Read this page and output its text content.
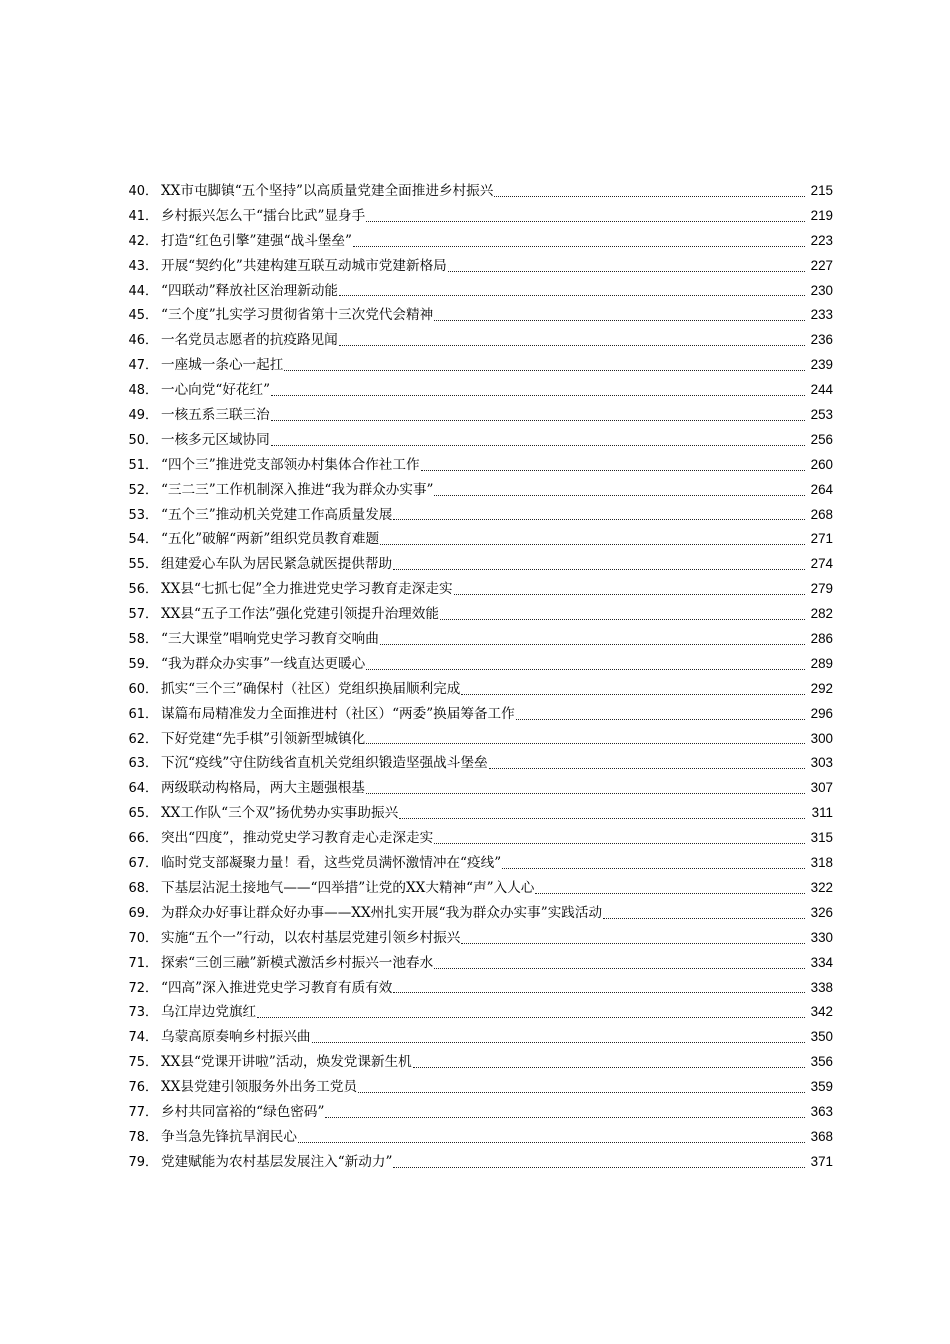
40． XX市屯脚镇“五个坚持”以高质量党建全面推进乡村振兴	215
41． 乡村振兴怎么干“擂台比武”显身手	219
42． 打造“红色引擎”建强“战斗堡垒”	223
43． 开展“契约化”共建构建互联互动城市党建新格局	227
44． “四联动”释放社区治理新动能	230
45． “三个度”扎实学习贯彻省第十三次党代会精神	233
46． 一名党员志愿者的抗疫路见闻	236
47． 一座城一条心一起扛	239
48． 一心向党“好花红”	244
49． 一核五系三联三治	253
50． 一核多元区域协同	256
51． “四个三”推进党支部领办村集体合作社工作	260
52． “三二三”工作机制深入推进“我为群众办实事”	264
53． “五个三”推动机关党建工作高质量发展	268
54． “五化”破解“两新”组织党员教育难题	271
55． 组建爱心车队为居民紧急就医提供帮助	274
56． XX县“七抓七促”全力推进党史学习教育走深走实	279
57． XX县“五子工作法”强化党建引领提升治理效能	282
58． “三大课堂”唱响党史学习教育交响曲	286
59． “我为群众办实事”一线直达更暖心	289
60． 抓实“三个三”确保村（社区）党组织换届顺利完成	292
61． 谋篇布局精准发力全面推进村（社区）“两委”换届筹备工作	296
62． 下好党建“先手棋”引领新型城镇化	300
63． 下沉“疫线”守住防线省直机关党组织锻造坚强战斗堡垒	303
64． 两级联动构格局，两大主题强根基	307
65． XX工作队“三个双”扬优势办实事助振兴	311
66． 突出“四度”，推动党史学习教育走心走深走实	315
67． 临时党支部凝聚力量！看，这些党员满怀激情冲在“疫线”	318
68． 下基层沾泥土接地气——“四举措”让党的XX大精神“声”入人心	322
69． 为群众办好事让群众好办事——XX州扎实开展“我为群众办实事”实践活动	326
70． 实施“五个一”行动，以农村基层党建引领乡村振兴	330
71． 探索“三创三融”新模式激活乡村振兴一池春水	334
72． “四高”深入推进党史学习教育有质有效	338
73． 乌江岸边党旗红	342
74． 乌蒙高原奏响乡村振兴曲	350
75． XX县“党课开讲啦”活动，焕发党课新生机	356
76． XX县党建引领服务外出务工党员	359
77． 乡村共同富裕的“绿色密码”	363
78． 争当急先锋抗旱润民心	368
79． 党建赋能为农村基层发展注入“新动力”	371
